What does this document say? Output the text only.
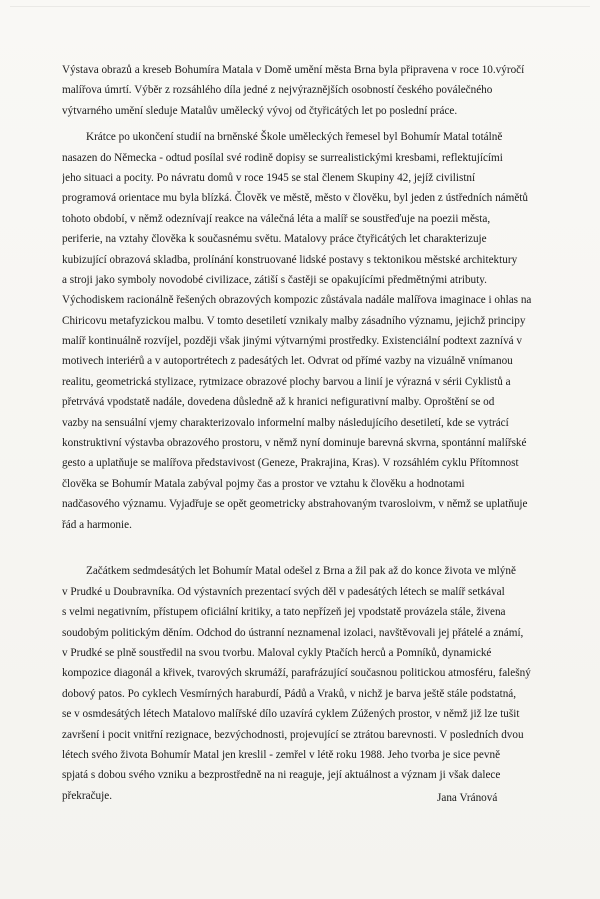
Výstava obrazů a kreseb Bohumíra Matala v Domě umění města Brna byla připravena v roce 10.výročí
malířova úmrtí. Výběr z rozsáhlého díla jedné z nejvýraznějších osobností českého poválečného
výtvarného umění sleduje Matalův umělecký vývoj od čtyřicátých let po poslední práce.
Krátce po ukončení studií na brněnské Škole uměleckých řemesel byl Bohumír Matal totálně
nasazen do Německa - odtud posílal své rodině dopisy se surrealistickými kresbami, reflektujícími
jeho situaci a pocity. Po návratu domů v roce 1945 se stal členem Skupiny 42, jejíž civilistní
programová orientace mu byla blízká. Člověk ve městě, město v člověku, byl jeden z ústředních námětů
tohoto období, v němž odeznívají reakce na válečná léta a malíř se soustřeďuje na poezii města,
periferie, na vztahy člověka k současnému světu. Matalovy práce čtyřicátých let charakterizuje
kubizující obrazová skladba, prolínání konstruované lidské postavy s tektonikou městské architektury
a stroji jako symboly novodobé civilizace, zátiší s častěji se opakujícími předmětnými atributy.
Východiskem racionálně řešených obrazových kompozic zůstávala nadále malířova imaginace i ohlas na
Chiricovu metafyzickou malbu. V tomto desetiletí vznikaly malby zásadního významu, jejichž principy
malíř kontinuálně rozvíjel, později však jinými výtvarnými prostředky. Existenciální podtext zaznívá v
motivech interiérů a v autoportrétech z padesátých let. Odvrat od přímé vazby na vizuálně vnímanou
realitu, geometrická stylizace, rytmizace obrazové plochy barvou a linií je výrazná v sérii Cyklistů a
přetrvává vpodstatě nadále, dovedena důsledně až k hranici nefigurativní malby. Oproštění se od
vazby na sensuální vjemy charakterizovalo informelní malby následujícího desetiletí, kde se vytrácí
konstruktivní výstavba obrazového prostoru, v němž nyní dominuje barevná skvrna, spontánní malířské
gesto a uplatňuje se malířova představivost (Geneze, Prakrajina, Kras). V rozsáhlém cyklu Přítomnost
člověka se Bohumír Matala zabýval pojmy čas a prostor ve vztahu k člověku a hodnotami
nadčasového významu. Vyjadřuje se opět geometricky abstrahovaným tvarosloivm, v němž se uplatňuje
řád a harmonie.
Začátkem sedmdesátých let Bohumír Matal odešel z Brna a žil pak až do konce života ve mlýně
v Prudké u Doubravníka. Od výstavních prezentací svých děl v padesátých létech se malíř setkával
s velmi negativním, přístupem oficiální kritiky, a tato nepřízeň jej vpodstatě provázela stále, živena
soudobým politickým děním. Odchod do ústranní neznamenal izolaci, navštěvovali jej přátelé a známí,
v Prudké se plně soustředil na svou tvorbu. Maloval cykly Ptačích herců a Pomníků, dynamické
kompozice diagonál a křivek, tvarových skrumáží, parafrázující současnou politickou atmosféru, falešný
dobový patos. Po cyklech Vesmírných haraburdí, Pádů a Vraků, v nichž je barva ještě stále podstatná,
se v osmdesátých létech Matalovo malířské dílo uzavírá cyklem Zúžených prostor, v němž již lze tušit
završení i pocit vnitřní rezignace, bezvýchodnosti, projevující se ztrátou barevnosti. V posledních dvou
létech svého života Bohumír Matal jen kreslil - zemřel v létě roku 1988. Jeho tvorba je sice pevně
spjatá s dobou svého vzniku a bezprostředně na ni reaguje, její aktuálnost a význam ji však dalece
překračuje.	Jana Vránová
